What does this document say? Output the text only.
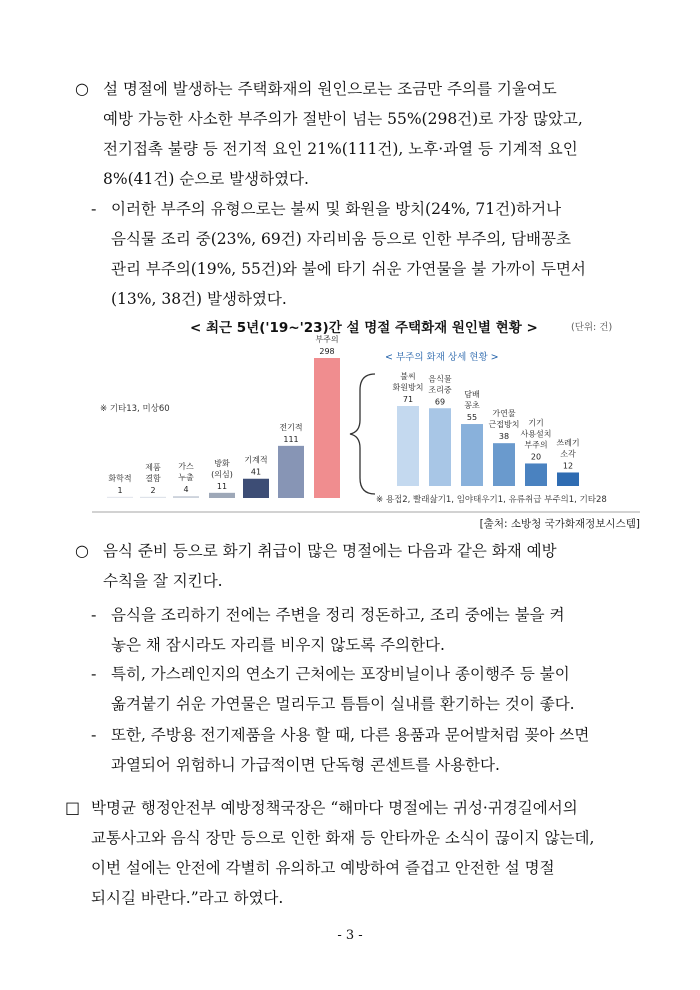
○ 설 명절에 발생하는 주택화재의 원인으로는 조금만 주의를 기울여도

예방 가능한 사소한 부주의가 절반이 넘는 55%(298건)로 가장 많았고,

전기접촉 불량 등 전기적 요인 21%(111건), 노후·과열 등 기계적 요인

8%(41건) 순으로 발생하였다.

- 이러한 부주의 유형으로는 불씨 및 화원을 방치(24%, 71건)하거나

음식물 조리 중(23%, 69건) 자리비움 등으로 인한 부주의, 담배꽁초

관리 부주의(19%, 55건)와 불에 타기 쉬운 가연물을 불 가까이 두면서

(13%, 38건) 발생하였다.

< 최근 5년('19~'23)간 설 명절 주택화재 원인별 현황 >	(단위: 건)
1
화학적
2
제품
결함
4
가스
누출
11
방화
(의심) 41
기계적
111
전기적
298
부주의
71
불씨
화원방치
69
음식물
조리중
55
담배
꽁초
38
가연물
근접방치
20
기기
사용설치
부주의
12
쓰레기
소각
※ 기타13, 미상60
< 부주의 화재 상세 현황 >
※ 용접2, 빨래삶기1, 임야태우기1, 유류취급 부주의1, 기타28
[출처: 소방청 국가화재정보시스템]
○ 음식 준비 등으로 화기 취급이 많은 명절에는 다음과 같은 화재 예방

수칙을 잘 지킨다.

- 음식을 조리하기 전에는 주변을 정리 정돈하고, 조리 중에는 불을 켜

놓은 채 잠시라도 자리를 비우지 않도록 주의한다.

- 특히, 가스레인지의 연소기 근처에는 포장비닐이나 종이행주 등 불이

옮겨붙기 쉬운 가연물은 멀리두고 틈틈이 실내를 환기하는 것이 좋다.

- 또한, 주방용 전기제품을 사용 할 때, 다른 용품과 문어발처럼 꽂아 쓰면

과열되어 위험하니 가급적이면 단독형 콘센트를 사용한다.

□ 박명균 행정안전부 예방정책국장은 “해마다 명절에는 귀성·귀경길에서의

교통사고와 음식 장만 등으로 인한 화재 등 안타까운 소식이 끊이지 않는데,

이번 설에는 안전에 각별히 유의하고 예방하여 즐겁고 안전한 설 명절

되시길 바란다.”라고 하였다.

- 3 -
